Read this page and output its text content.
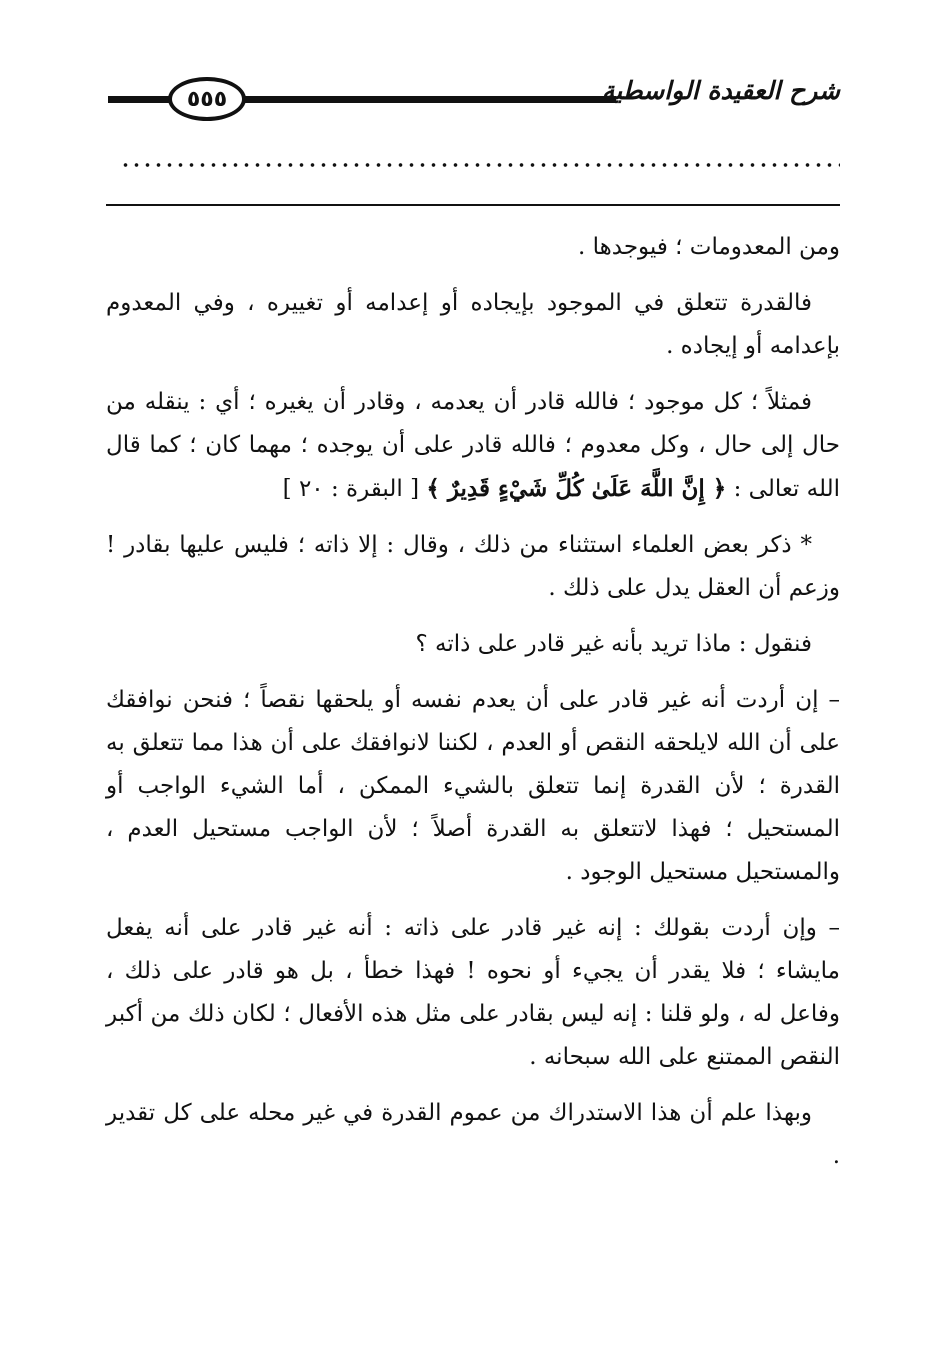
٥٥٥	شرح العقيدة الواسطية

ومن المعدومات ؛ فيوجدها .

فالقدرة تتعلق في الموجود بإيجاده أو إعدامه أو تغييره ، وفي المعدوم بإعدامه أو إيجاده .

فمثلاً ؛ كل موجود ؛ فالله قادر أن يعدمه ، وقادر أن يغيره ؛ أي : ينقله من حال إلى حال ، وكل معدوم ؛ فالله قادر على أن يوجده ؛ مهما كان ؛ كما قال الله تعالى : ﴿ إِنَّ اللَّهَ عَلَىٰ كُلِّ شَيْءٍ قَدِيرٌ ﴾ [ البقرة : ٢٠ ]

* ذكر بعض العلماء استثناء من ذلك ، وقال : إلا ذاته ؛ فليس عليها بقادر ! وزعم أن العقل يدل على ذلك .

فنقول : ماذا تريد بأنه غير قادر على ذاته ؟

– إن أردت أنه غير قادر على أن يعدم نفسه أو يلحقها نقصاً ؛ فنحن نوافقك على أن الله لايلحقه النقص أو العدم ، لكننا لانوافقك على أن هذا مما تتعلق به القدرة ؛ لأن القدرة إنما تتعلق بالشيء الممكن ، أما الشيء الواجب أو المستحيل ؛ فهذا لاتتعلق به القدرة أصلاً ؛ لأن الواجب مستحيل العدم ، والمستحيل مستحيل الوجود .

– وإن أردت بقولك : إنه غير قادر على ذاته : أنه غير قادر على أنه يفعل مايشاء ؛ فلا يقدر أن يجيء أو نحوه ! فهذا خطأ ، بل هو قادر على ذلك ، وفاعل له ، ولو قلنا : إنه ليس بقادر على مثل هذه الأفعال ؛ لكان ذلك من أكبر النقص الممتنع على الله سبحانه .

وبهذا علم أن هذا الاستدراك من عموم القدرة في غير محله على كل تقدير .
